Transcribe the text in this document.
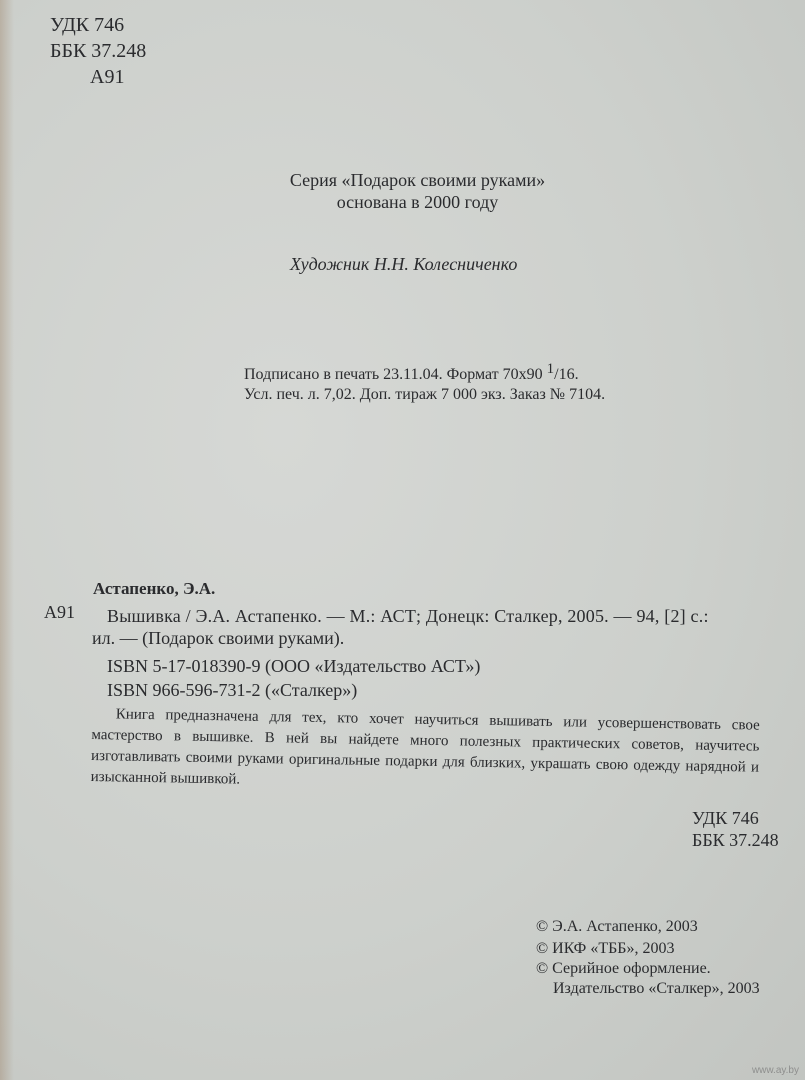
УДК 746
ББК 37.248
А91
Серия «Подарок своими руками»
основана в 2000 году
Художник Н.Н. Колесниченко
Подписано в печать 23.11.04. Формат 70х90 1/16.
Усл. печ. л. 7,02. Доп. тираж 7 000 экз. Заказ № 7104.
Астапенко, Э.А.
А91 Вышивка / Э.А. Астапенко. — М.: АСТ; Донецк: Сталкер, 2005. — 94, [2] с.:
ил. — (Подарок своими руками).
ISBN 5-17-018390-9 (ООО «Издательство АСТ»)
ISBN 966-596-731-2 («Сталкер»)
Книга предназначена для тех, кто хочет научиться вышивать или усовершенствовать свое мастерство в вышивке. В ней вы найдете много полезных практических советов, научитесь изготавливать своими руками оригинальные подарки для близких, украшать свою одежду нарядной и изысканной вышивкой.
УДК 746
ББК 37.248
© Э.А. Астапенко, 2003
© ИКФ «ТББ», 2003
© Серийное оформление.
Издательство «Сталкер», 2003
www.ay.by
